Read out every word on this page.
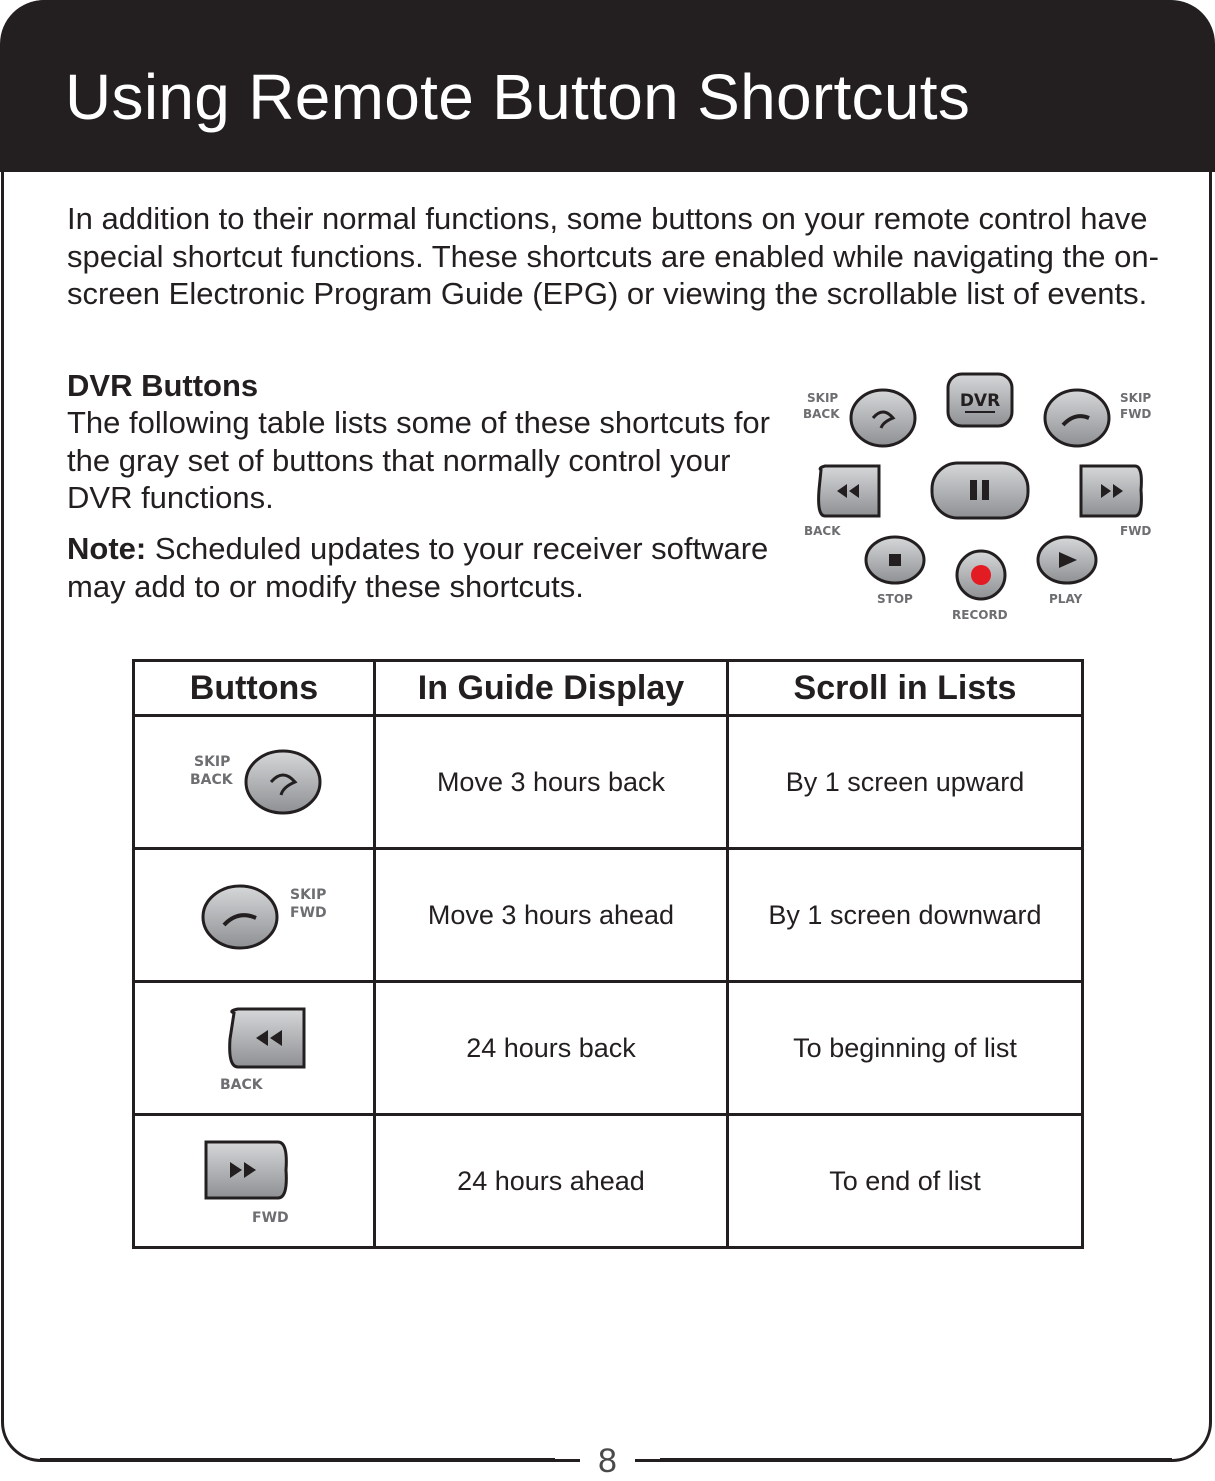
Using Remote Button Shortcuts

In addition to their normal functions, some buttons on your remote control have special shortcut functions. These shortcuts are enabled while navigating the on-screen Electronic Program Guide (EPG) or viewing the scrollable list of events.

DVR Buttons

The following table lists some of these shortcuts for the gray set of buttons that normally control your DVR functions.

Note: Scheduled updates to your receiver software may add to or modify these shortcuts.

SKIP
BACK
SKIP
FWD
BACK	FWD
STOP
RECORD
PLAY
DVR
Buttons	In Guide Display	Scroll in Lists

SKIP
BACK	Move 3 hours back	By 1 screen upward

SKIP
FWD	Move 3 hours ahead	By 1 screen downward

BACK	24 hours back	To beginning of list

FWD	24 hours ahead	To end of list
8
